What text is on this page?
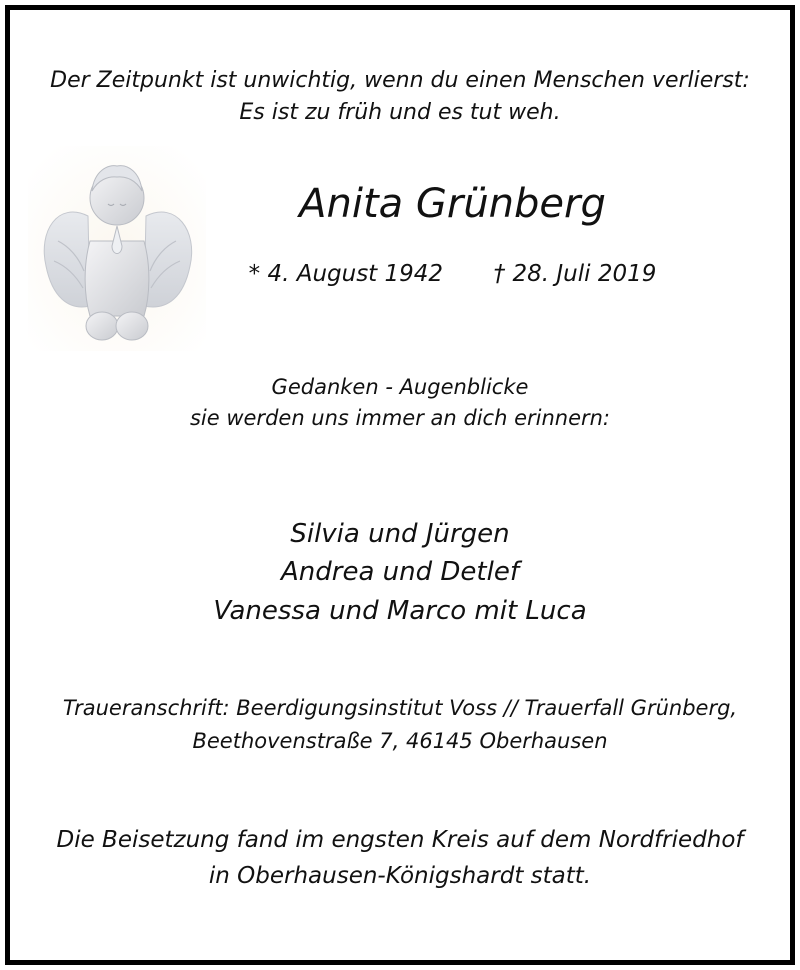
Der Zeitpunkt ist unwichtig, wenn du einen Menschen verlierst:

Es ist zu früh und es tut weh.

Anita Grünberg

* 4. August 1942 † 28. Juli 2019

Gedanken - Augenblicke

sie werden uns immer an dich erinnern:

Silvia und Jürgen

Andrea und Detlef

Vanessa und Marco mit Luca

Traueranschrift: Beerdigungsinstitut Voss // Trauerfall Grünberg,

Beethovenstraße 7, 46145 Oberhausen

Die Beisetzung fand im engsten Kreis auf dem Nordfriedhof

in Oberhausen-Königshardt statt.
